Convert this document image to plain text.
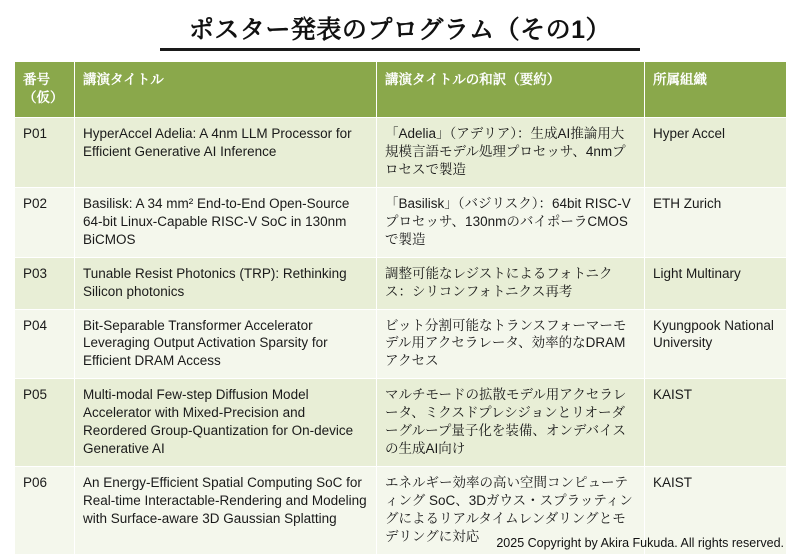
ポスター発表のプログラム（その1）
番号（仮）	講演タイトル	講演タイトルの和訳（要約）	所属組織
P01	HyperAccel Adelia: A 4nm LLM Processor for Efficient Generative AI Inference	「Adelia」（アデリア）：生成AI推論用大規模言語モデル処理プロセッサ、4nmプロセスで製造	Hyper Accel
P02	Basilisk: A 34 mm² End-to-End Open-Source 64-bit Linux-Capable RISC-V SoC in 130nm BiCMOS	「Basilisk」（バジリスク）：64bit RISC-Vプロセッサ、130nmのバイポーラCMOSで製造	ETH Zurich
P03	Tunable Resist Photonics (TRP): Rethinking Silicon photonics	調整可能なレジストによるフォトニクス：シリコンフォトニクス再考	Light Multinary
P04	Bit-Separable Transformer Accelerator Leveraging Output Activation Sparsity for Efficient DRAM Access	ビット分割可能なトランスフォーマーモデル用アクセラレータ、効率的なDRAMアクセス	Kyungpook National University
P05	Multi-modal Few-step Diffusion Model Accelerator with Mixed-Precision and Reordered Group-Quantization for On-device Generative AI	マルチモードの拡散モデル用アクセラレータ、ミクスドプレシジョンとリオーダーグループ量子化を装備、オンデバイスの生成AI向け	KAIST
P06	An Energy-Efficient Spatial Computing SoC for Real-time Interactable-Rendering and Modeling with Surface-aware 3D Gaussian Splatting	エネルギー効率の高い空間コンピューティング SoC、3Dガウス・スプラッティングによるリアルタイムレンダリングとモデリングに対応	KAIST
2025 Copyright by Akira Fukuda. All rights reserved.
